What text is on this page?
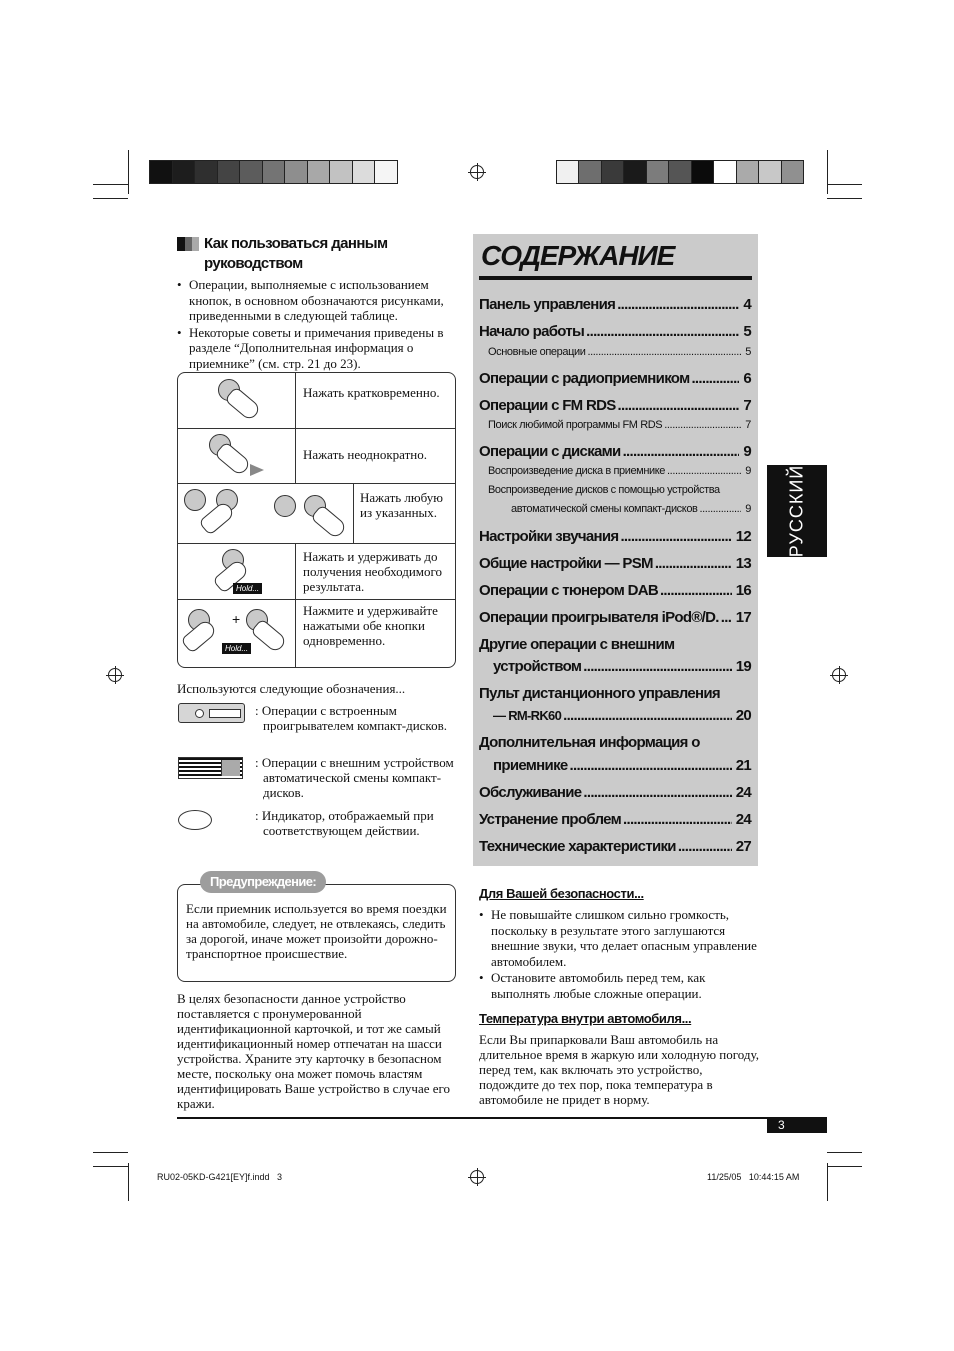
Как пользоваться данным
руководством
• Операции, выполняемые с использованием кнопок, в основном обозначаются рисунками, приведенными в следующей таблице.
• Некоторые советы и примечания приведены в разделе “Дополнительная информация о приемнике” (см. стр. 21 до 23).
Нажать кратковременно.
Нажать неоднократно.
Нажать любую из указанных.
Hold...
Нажать и удерживать до получения необходимого результата.
+
Hold...
Нажмите и удерживайте нажатыми обе кнопки одновременно.
Используются следующие обозначения...
: Операции с встроенным проигрывателем компакт-дисков.
: Операции с внешним устройством автоматической смены компакт-дисков.
: Индикатор, отображаемый при соответствующем действии.
Если приемник используется во время поездки на автомобиле, следует, не отвлекаясь, следить за дорогой, иначе может произойти дорожно-транспортное происшествие.
Предупреждение:
В целях безопасности данное устройство поставляется с пронумерованной идентификационной карточкой, и тот же самый идентификационный номер отпечатан на шасси устройства. Храните эту карточку в безопасном месте, поскольку она может помочь властям идентифицировать Ваше устройство в случае его кражи.
СОДЕРЖАНИЕ
Панель управления .....	4
Начало работы .....	5
Основные операции .....	5
Операции с радиоприемником .....	6
Операции с FM RDS .....	7
Поиск любимой программы FM RDS .....	7
Операции с дисками .....	9
Воспроизведение диска в приемнике .....	9
Воспроизведение дисков с помощью устройства
автоматической смены компакт-дисков .....	9
Настройки звучания .....	12
Общие настройки — PSM .....	13
Операции с тюнером DAB .....	16
Операции проигрывателя iPod®/D. ..... 17
Другие операции с внешним
устройством .....	19
Пульт дистанционного управления
— RM-RK60 .....	20
Дополнительная информация о
приемнике .....	21
Обслуживание .....	24
Устранение проблем .....	24
Технические характеристики .....	27
РУССКИЙ
Для Вашей безопасности...
• Не повышайте слишком сильно громкость, поскольку в результате этого заглушаются внешние звуки, что делает опасным управление автомобилем.
• Остановите автомобиль перед тем, как выполнять любые сложные операции.
Температура внутри автомобиля...
Если Вы припарковали Ваш автомобиль на длительное время в жаркую или холодную погоду, перед тем, как включать это устройство, подождите до тех пор, пока температура в автомобиле не придет в норму.
3
RU02-05KD-G421[EY]f.indd   3	11/25/05   10:44:15 AM
